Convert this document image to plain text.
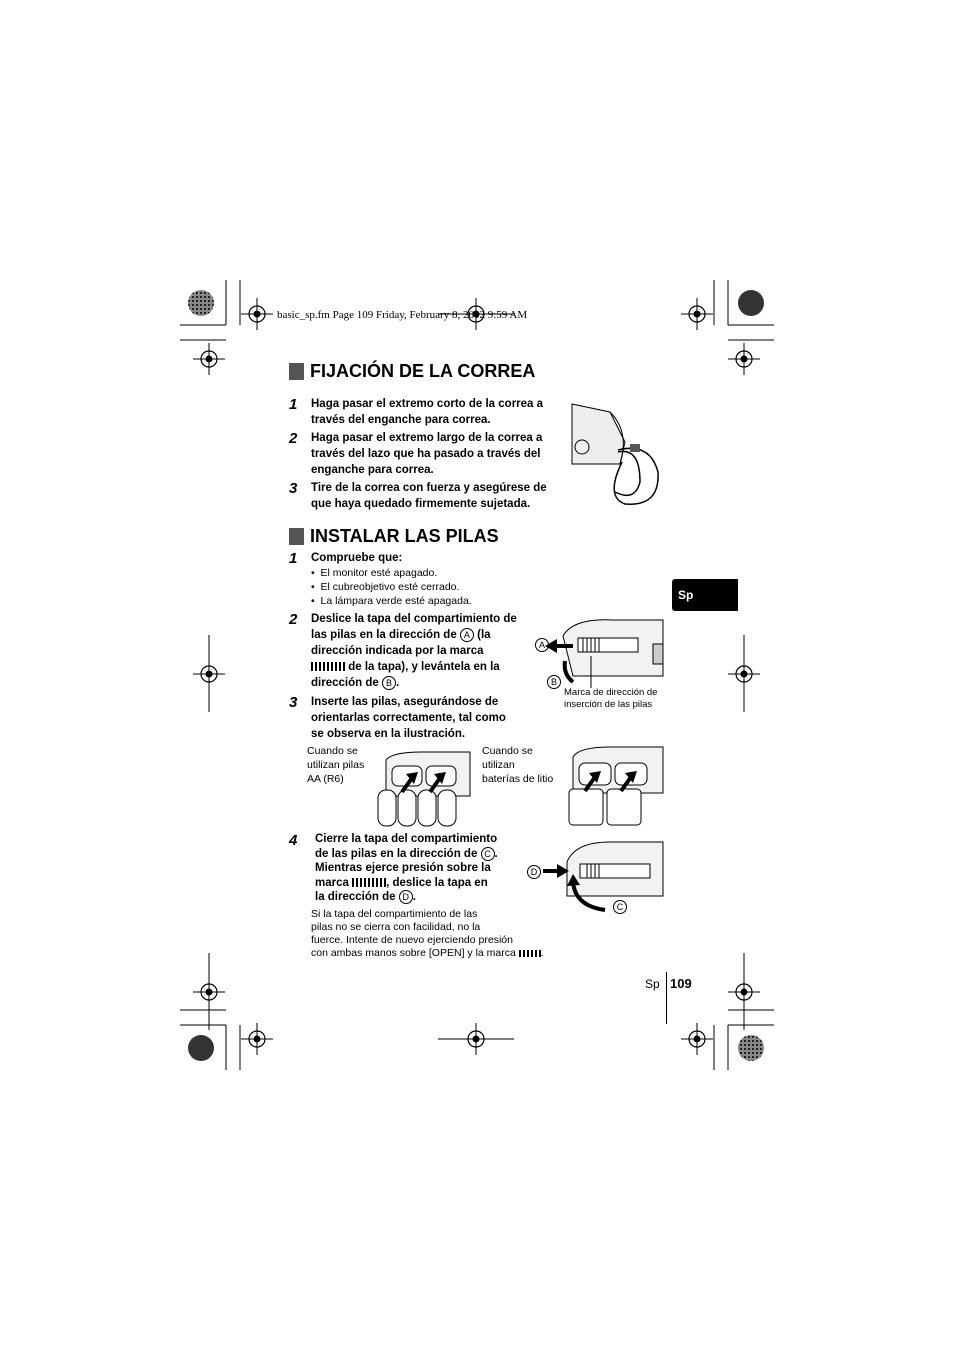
basic_sp.fm Page 109 Friday, February 8, 2002 9:59 AM
FIJACIÓN DE LA CORREA
1	Haga pasar el extremo corto de la correa a
través del enganche para correa.
2	Haga pasar el extremo largo de la correa a
través del lazo que ha pasado a través del
enganche para correa.
3	Tire de la correa con fuerza y asegúrese de
que haya quedado firmemente sujetada.
INSTALAR LAS PILAS
1	Compruebe que:
•  El monitor esté apagado.
•  El cubreobjetivo esté cerrado.
•  La lámpara verde esté apagada.
2	Deslice la tapa del compartimiento de
las pilas en la dirección de A (la
dirección indicada por la marca
de la tapa), y levántela en la
dirección de B .
A
B
Marca de dirección de
inserción de las pilas
3	Inserte las pilas, asegurándose de
orientarlas correctamente, tal como
se observa en la ilustración.
Cuando se
utilizan pilas
AA (R6)
Cuando se
utilizan
baterías de litio
4	Cierre la tapa del compartimiento
de las pilas en la dirección de C .
Mientras ejerce presión sobre la
marca	, deslice la tapa en
la dirección de D .
D
C
Si la tapa del compartimiento de las
pilas no se cierra con facilidad, no la
fuerce. Intente de nuevo ejerciendo presión
con ambas manos sobre [OPEN] y la marca .
Sp
Sp 109
